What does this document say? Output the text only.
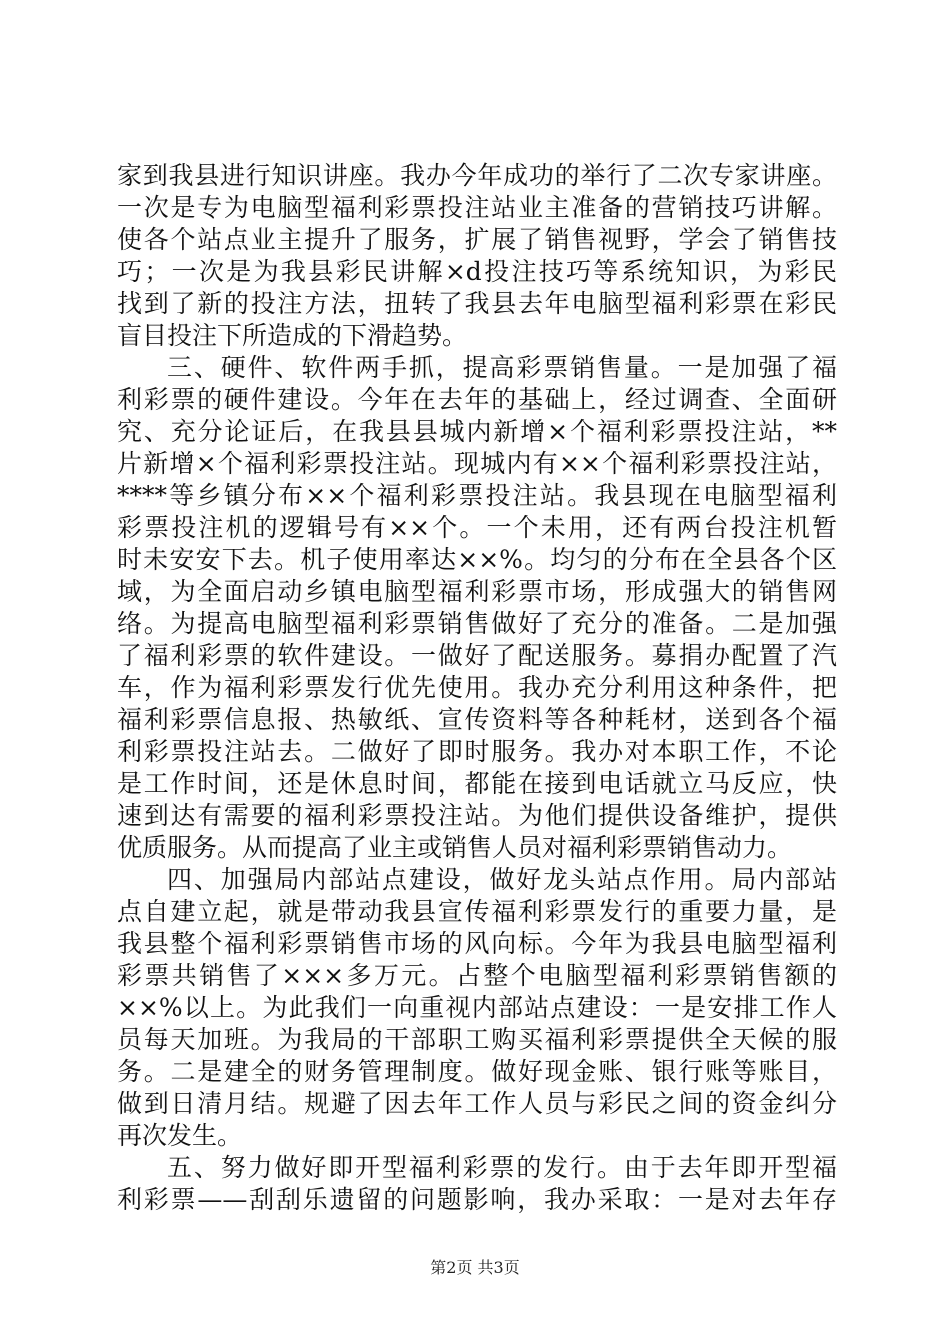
家到我县进行知识讲座。我办今年成功的举行了二次专家讲座。
一次是专为电脑型福利彩票投注站业主准备的营销技巧讲解。
使各个站点业主提升了服务，扩展了销售视野，学会了销售技
巧；一次是为我县彩民讲解×d投注技巧等系统知识，为彩民
找到了新的投注方法，扭转了我县去年电脑型福利彩票在彩民
盲目投注下所造成的下滑趋势。
三、硬件、软件两手抓，提高彩票销售量。一是加强了福
利彩票的硬件建设。今年在去年的基础上，经过调查、全面研
究、充分论证后，在我县县城内新增×个福利彩票投注站，**
片新增×个福利彩票投注站。现城内有××个福利彩票投注站，
****等乡镇分布××个福利彩票投注站。我县现在电脑型福利
彩票投注机的逻辑号有××个。一个未用，还有两台投注机暂
时未安安下去。机子使用率达××%。均匀的分布在全县各个区
域，为全面启动乡镇电脑型福利彩票市场，形成强大的销售网
络。为提高电脑型福利彩票销售做好了充分的准备。二是加强
了福利彩票的软件建设。一做好了配送服务。募捐办配置了汽
车，作为福利彩票发行优先使用。我办充分利用这种条件，把
福利彩票信息报、热敏纸、宣传资料等各种耗材，送到各个福
利彩票投注站去。二做好了即时服务。我办对本职工作，不论
是工作时间，还是休息时间，都能在接到电话就立马反应，快
速到达有需要的福利彩票投注站。为他们提供设备维护，提供
优质服务。从而提高了业主或销售人员对福利彩票销售动力。
四、加强局内部站点建设，做好龙头站点作用。局内部站
点自建立起，就是带动我县宣传福利彩票发行的重要力量，是
我县整个福利彩票销售市场的风向标。今年为我县电脑型福利
彩票共销售了×××多万元。占整个电脑型福利彩票销售额的
××%以上。为此我们一向重视内部站点建设：一是安排工作人
员每天加班。为我局的干部职工购买福利彩票提供全天候的服
务。二是建全的财务管理制度。做好现金账、银行账等账目，
做到日清月结。规避了因去年工作人员与彩民之间的资金纠分
再次发生。
五、努力做好即开型福利彩票的发行。由于去年即开型福
利彩票——刮刮乐遗留的问题影响，我办采取：一是对去年存
第2页 共3页
